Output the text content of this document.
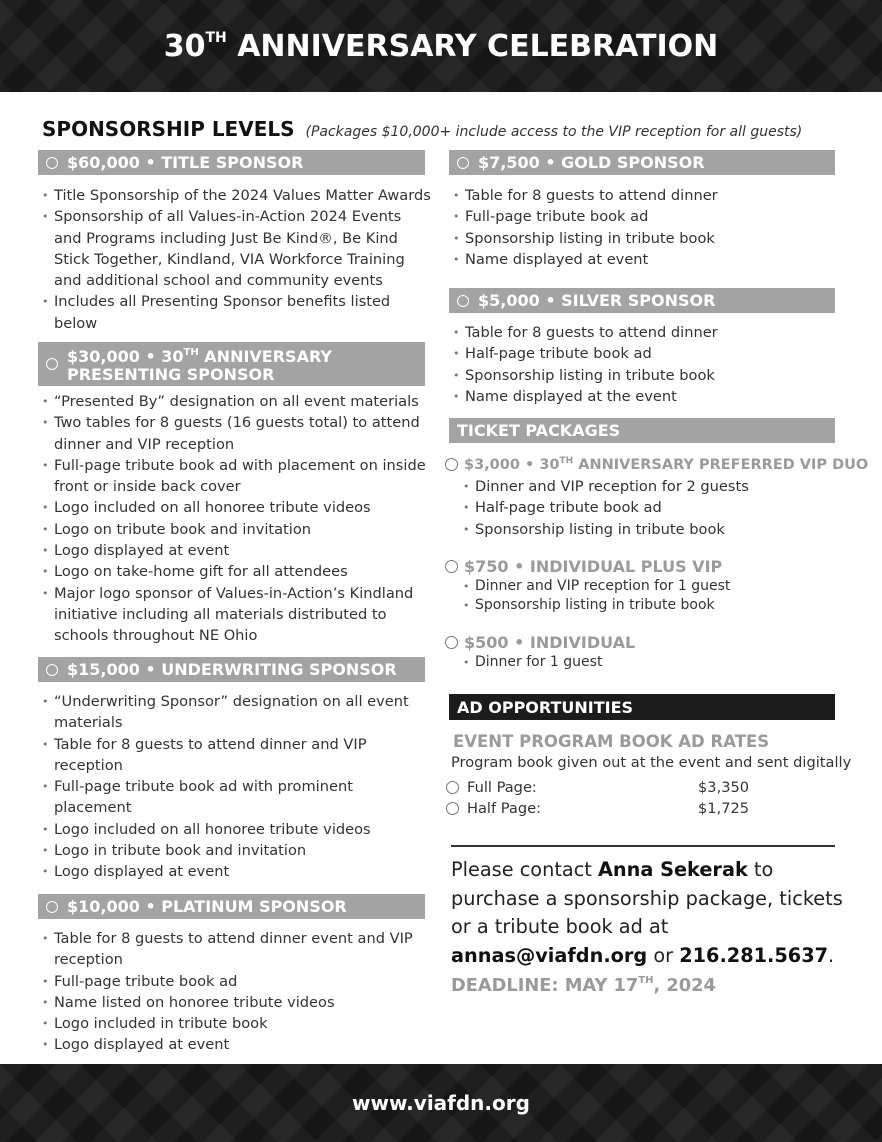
30TH ANNIVERSARY CELEBRATION
SPONSORSHIP LEVELS (Packages $10,000+ include access to the VIP reception for all guests)
$60,000 • TITLE SPONSOR
• Title Sponsorship of the 2024 Values Matter Awards
• Sponsorship of all Values-in-Action 2024 Events and Programs including Just Be Kind®, Be Kind Stick Together, Kindland, VIA Workforce Training and additional school and community events
• Includes all Presenting Sponsor benefits listed below
$30,000 • 30TH ANNIVERSARY
PRESENTING SPONSOR
• “Presented By” designation on all event materials
• Two tables for 8 guests (16 guests total) to attend dinner and VIP reception
• Full-page tribute book ad with placement on inside front or inside back cover
• Logo included on all honoree tribute videos
• Logo on tribute book and invitation
• Logo displayed at event
• Logo on take-home gift for all attendees
• Major logo sponsor of Values-in-Action’s Kindland initiative including all materials distributed to schools throughout NE Ohio
$15,000 • UNDERWRITING SPONSOR
• “Underwriting Sponsor” designation on all event materials
• Table for 8 guests to attend dinner and VIP reception
• Full-page tribute book ad with prominent placement
• Logo included on all honoree tribute videos
• Logo in tribute book and invitation
• Logo displayed at event
$10,000 • PLATINUM SPONSOR
• Table for 8 guests to attend dinner event and VIP reception
• Full-page tribute book ad
• Name listed on honoree tribute videos
• Logo included in tribute book
• Logo displayed at event
$7,500 • GOLD SPONSOR
• Table for 8 guests to attend dinner
• Full-page tribute book ad
• Sponsorship listing in tribute book
• Name displayed at event
$5,000 • SILVER SPONSOR
• Table for 8 guests to attend dinner
• Half-page tribute book ad
• Sponsorship listing in tribute book
• Name displayed at the event
TICKET PACKAGES
$3,000 • 30TH ANNIVERSARY PREFERRED VIP DUO
• Dinner and VIP reception for 2 guests
• Half-page tribute book ad
• Sponsorship listing in tribute book
$750 • INDIVIDUAL PLUS VIP
• Dinner and VIP reception for 1 guest
• Sponsorship listing in tribute book
$500 • INDIVIDUAL
• Dinner for 1 guest
AD OPPORTUNITIES
EVENT PROGRAM BOOK AD RATES
Program book given out at the event and sent digitally
Full Page:	$3,350
Half Page:	$1,725
Please contact Anna Sekerak to purchase a sponsorship package, tickets or a tribute book ad at annas@viafdn.org or 216.281.5637.
DEADLINE: MAY 17TH, 2024
www.viafdn.org
